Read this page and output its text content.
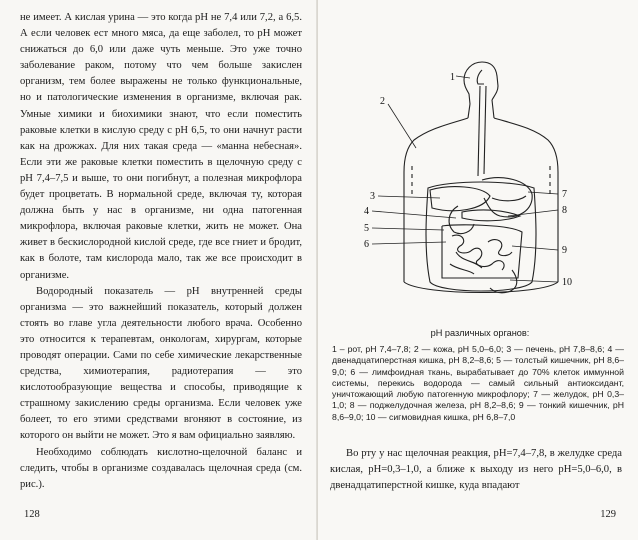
не имеет. А кислая урина — это когда pH не 7,4 или 7,2, а 6,5. А если человек ест много мяса, да еще заболел, то pH может снижаться до 6,0 или даже чуть меньше. Это уже точно заболевание раком, потому что чем больше закислен организм, тем более выражены не только функциональные, но и патологические изменения в организме, включая рак. Умные химики и биохимики знают, что если поместить раковые клетки в кислую среду с pH 6,5, то они начнут расти как на дрожжах. Для них такая среда — «манна небесная». Если эти же раковые клетки поместить в щелочную среду с pH 7,4–7,5 и выше, то они погибнут, а полезная микрофлора будет процветать. В нормальной среде, включая ту, которая должна быть у нас в организме, ни одна патогенная микрофлора, включая раковые клетки, жить не может. Она живет в бескислородной кислой среде, где все гниет и бродит, как в болоте, там кислорода мало, так же все происходит в организме.

Водородный показатель — pH внутренней среды организма — это важнейший показатель, который должен стоять во главе угла деятельности любого врача. Особенно это относится к терапевтам, онкологам, хирургам, которые проводят операции. Сами по себе химические лекарственные средства, химиотерапия, радиотерапия — это кислотообразующие вещества и способы, приводящие к страшному закислению среды организма. Если человек уже болеет, то его этими средствами вгоняют в состояние, из которого он выйти не может. Это я вам официально заявляю.

Необходимо соблюдать кислотно-щелочной баланс и следить, чтобы в организме создавалась щелочная среда (см. рис.).

128
1
2
3
4
5
6
7
8
9
10
pH различных органов:
1 – рот, pH 7,4–7,8; 2 — кожа, pH 5,0–6,0; 3 — печень, pH 7,8–8,6; 4 — двенадцатиперстная кишка, pH 8,2–8,6; 5 — толстый кишечник, pH 8,6–9,0; 6 — лимфоидная ткань, вырабатывает до 70% клеток иммунной системы, перекись водорода — самый сильный антиоксидант, уничтожающий любую патогенную микрофлору; 7 — желудок, pH 0,3–1,0; 8 — поджелудочная железа, pH 8,2–8,6; 9 — тонкий кишечник, pH 8,6–9,0; 10 — сигмовидная кишка, pH 6,8–7,0

Во рту у нас щелочная реакция, pH=7,4–7,8, в желудке среда кислая, pH=0,3–1,0, а ближе к выходу из него pH=5,0–6,0, в двенадцатиперстной кишке, куда впадают

129
